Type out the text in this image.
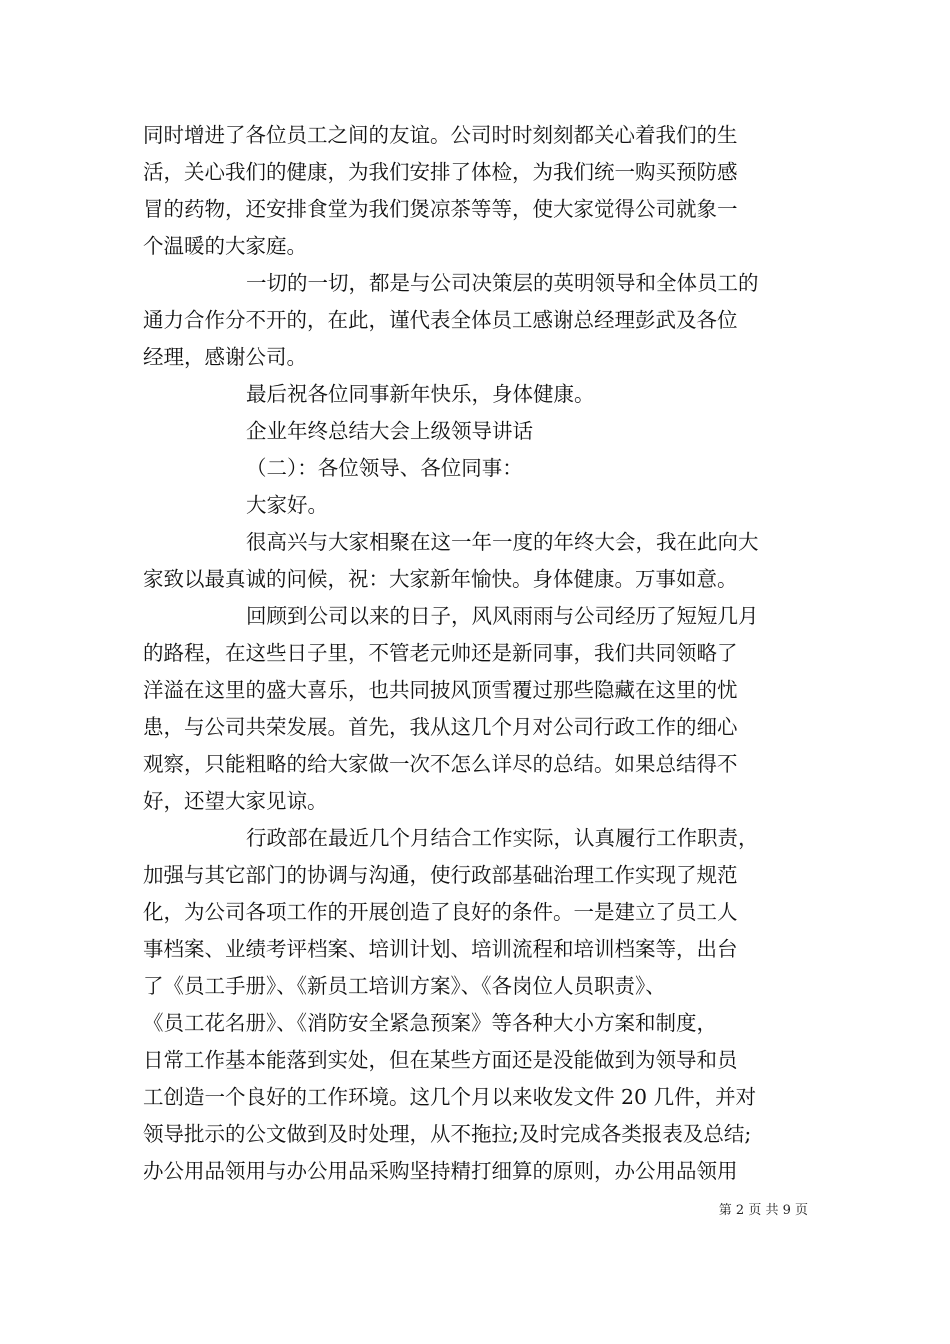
同时增进了各位员工之间的友谊。公司时时刻刻都关心着我们的生
活，关心我们的健康，为我们安排了体检，为我们统一购买预防感
冒的药物，还安排食堂为我们煲凉茶等等，使大家觉得公司就象一
个温暖的大家庭。
一切的一切，都是与公司决策层的英明领导和全体员工的
通力合作分不开的，在此，谨代表全体员工感谢总经理彭武及各位
经理，感谢公司。
最后祝各位同事新年快乐，身体健康。
企业年终总结大会上级领导讲话
（二）：各位领导、各位同事：
大家好。
很高兴与大家相聚在这一年一度的年终大会，我在此向大
家致以最真诚的问候，祝：大家新年愉快。身体健康。万事如意。
回顾到公司以来的日子，风风雨雨与公司经历了短短几月
的路程，在这些日子里，不管老元帅还是新同事，我们共同领略了
洋溢在这里的盛大喜乐，也共同披风顶雪覆过那些隐藏在这里的忧
患，与公司共荣发展。首先，我从这几个月对公司行政工作的细心
观察，只能粗略的给大家做一次不怎么详尽的总结。如果总结得不
好，还望大家见谅。
行政部在最近几个月结合工作实际，认真履行工作职责，
加强与其它部门的协调与沟通，使行政部基础治理工作实现了规范
化，为公司各项工作的开展创造了良好的条件。一是建立了员工人
事档案、业绩考评档案、培训计划、培训流程和培训档案等，出台
了《员工手册》、《新员工培训方案》、《各岗位人员职责》、
《员工花名册》、《消防安全紧急预案》等各种大小方案和制度，
日常工作基本能落到实处，但在某些方面还是没能做到为领导和员
工创造一个良好的工作环境。这几个月以来收发文件 20 几件，并对
领导批示的公文做到及时处理，从不拖拉;及时完成各类报表及总结;
办公用品领用与办公用品采购坚持精打细算的原则，办公用品领用
第 2 页 共 9 页
